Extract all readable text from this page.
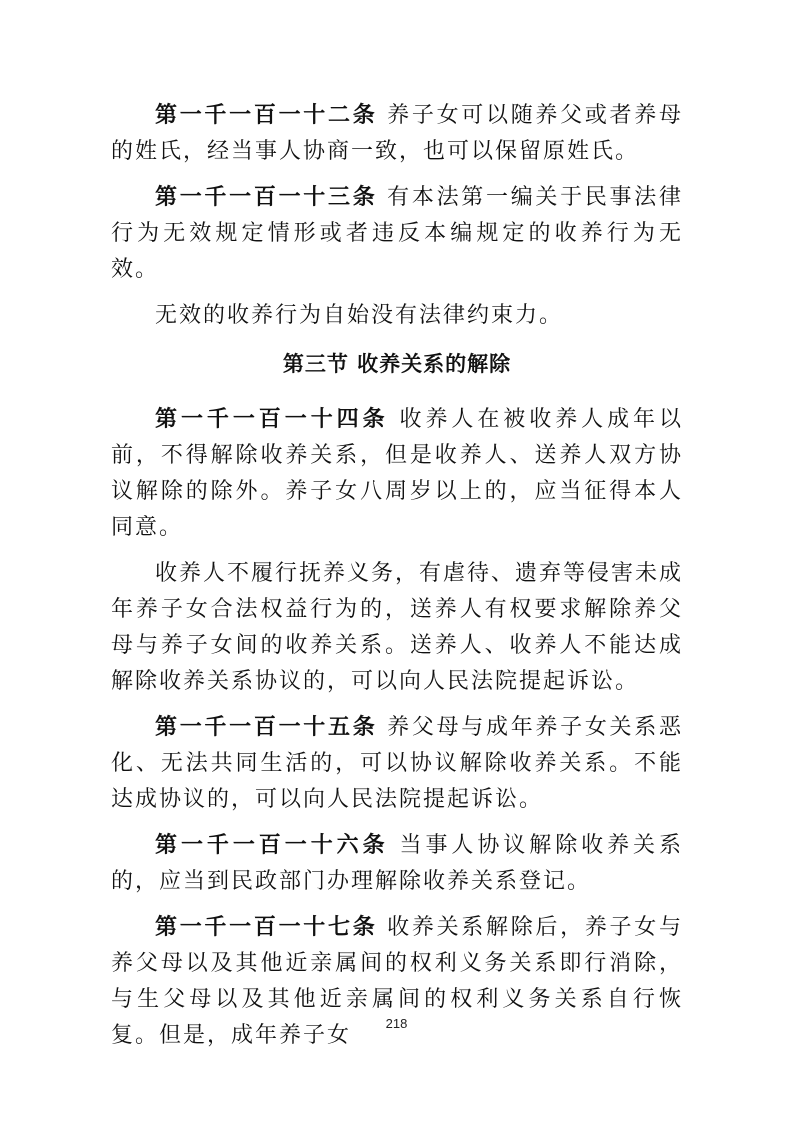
第一千一百一十二条 养子女可以随养父或者养母的姓氏，经当事人协商一致，也可以保留原姓氏。

第一千一百一十三条 有本法第一编关于民事法律行为无效规定情形或者违反本编规定的收养行为无效。

无效的收养行为自始没有法律约束力。

第三节 收养关系的解除

第一千一百一十四条 收养人在被收养人成年以前，不得解除收养关系，但是收养人、送养人双方协议解除的除外。养子女八周岁以上的，应当征得本人同意。

收养人不履行抚养义务，有虐待、遗弃等侵害未成年养子女合法权益行为的，送养人有权要求解除养父母与养子女间的收养关系。送养人、收养人不能达成解除收养关系协议的，可以向人民法院提起诉讼。

第一千一百一十五条 养父母与成年养子女关系恶化、无法共同生活的，可以协议解除收养关系。不能达成协议的，可以向人民法院提起诉讼。

第一千一百一十六条 当事人协议解除收养关系的，应当到民政部门办理解除收养关系登记。

第一千一百一十七条 收养关系解除后，养子女与养父母以及其他近亲属间的权利义务关系即行消除，与生父母以及其他近亲属间的权利义务关系自行恢复。但是，成年养子女	218
